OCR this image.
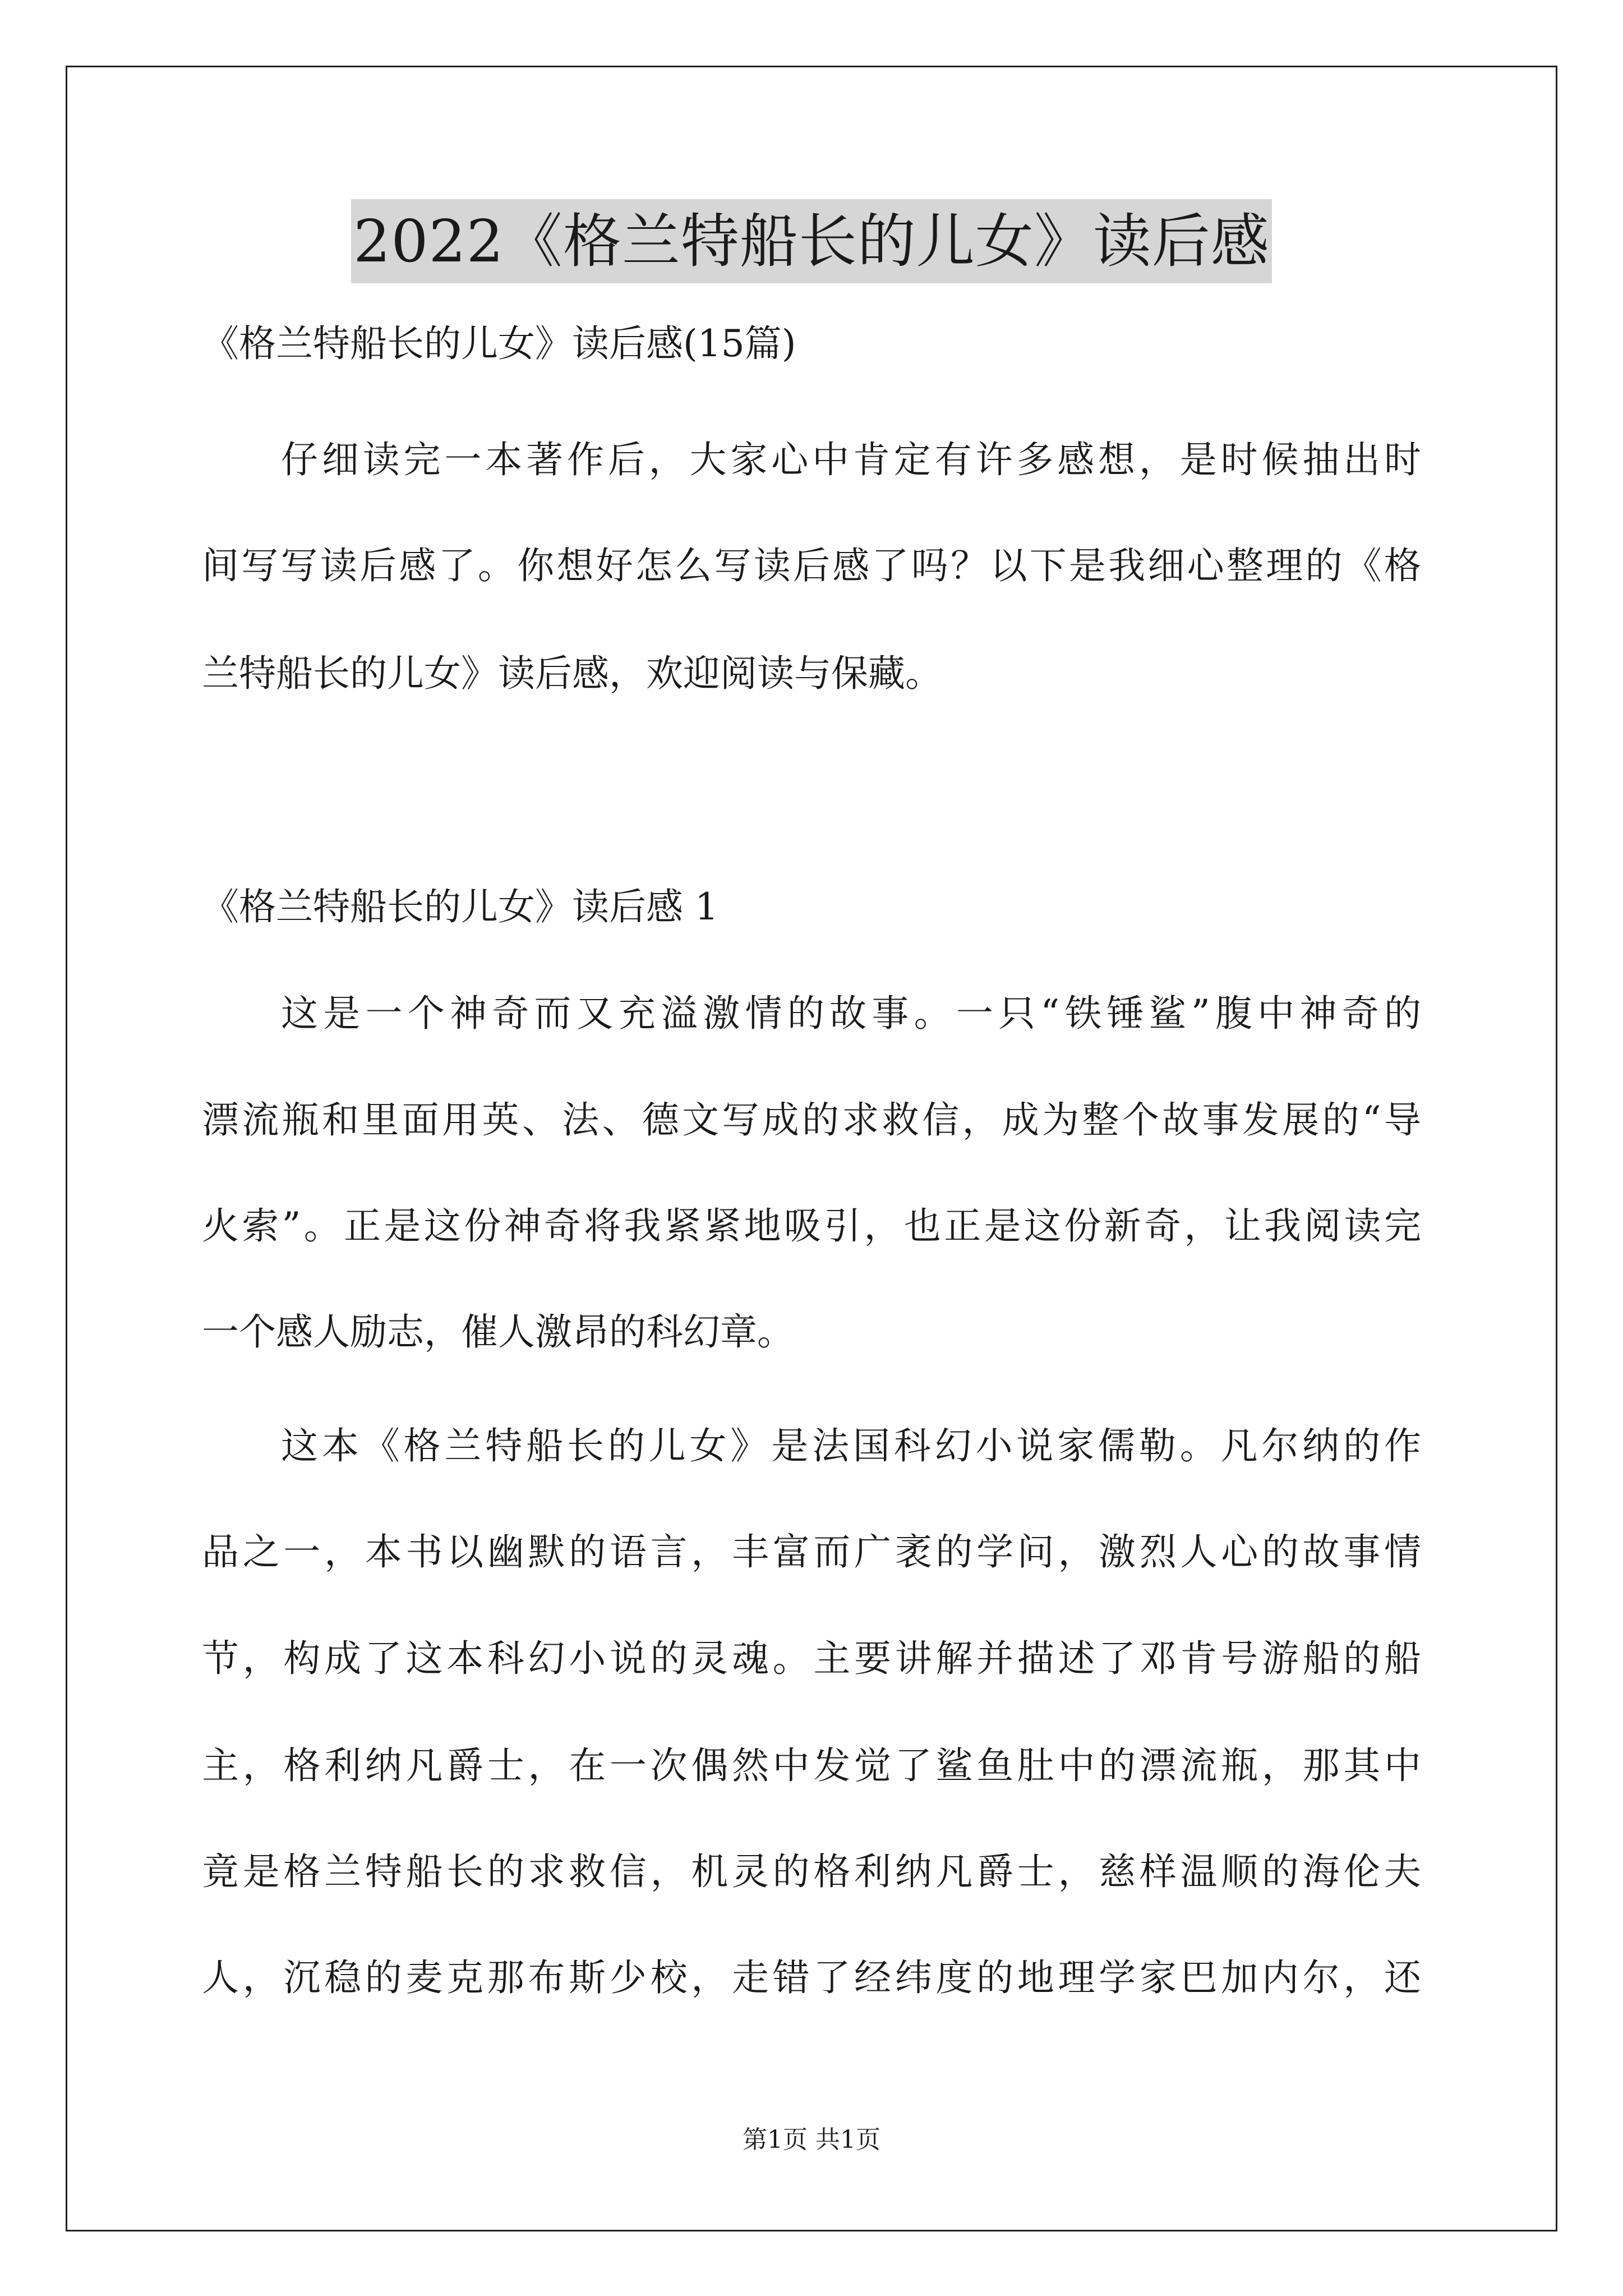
2022《格兰特船长的儿女》读后感
《格兰特船长的儿女》读后感(15篇)
仔细读完一本著作后，大家心中肯定有许多感想，是时候抽出时
间写写读后感了。你想好怎么写读后感了吗？以下是我细心整理的《格
兰特船长的儿女》读后感，欢迎阅读与保藏。
《格兰特船长的儿女》读后感 1
这是一个神奇而又充溢激情的故事。一只“铁锤鲨”腹中神奇的
漂流瓶和里面用英、法、德文写成的求救信，成为整个故事发展的“导
火索”。正是这份神奇将我紧紧地吸引，也正是这份新奇，让我阅读完
一个感人励志，催人激昂的科幻章。
这本《格兰特船长的儿女》是法国科幻小说家儒勒。凡尔纳的作
品之一，本书以幽默的语言，丰富而广袤的学问，激烈人心的故事情
节，构成了这本科幻小说的灵魂。主要讲解并描述了邓肯号游船的船
主，格利纳凡爵士，在一次偶然中发觉了鲨鱼肚中的漂流瓶，那其中
竟是格兰特船长的求救信，机灵的格利纳凡爵士，慈样温顺的海伦夫
人，沉稳的麦克那布斯少校，走错了经纬度的地理学家巴加内尔，还
第1页 共1页
